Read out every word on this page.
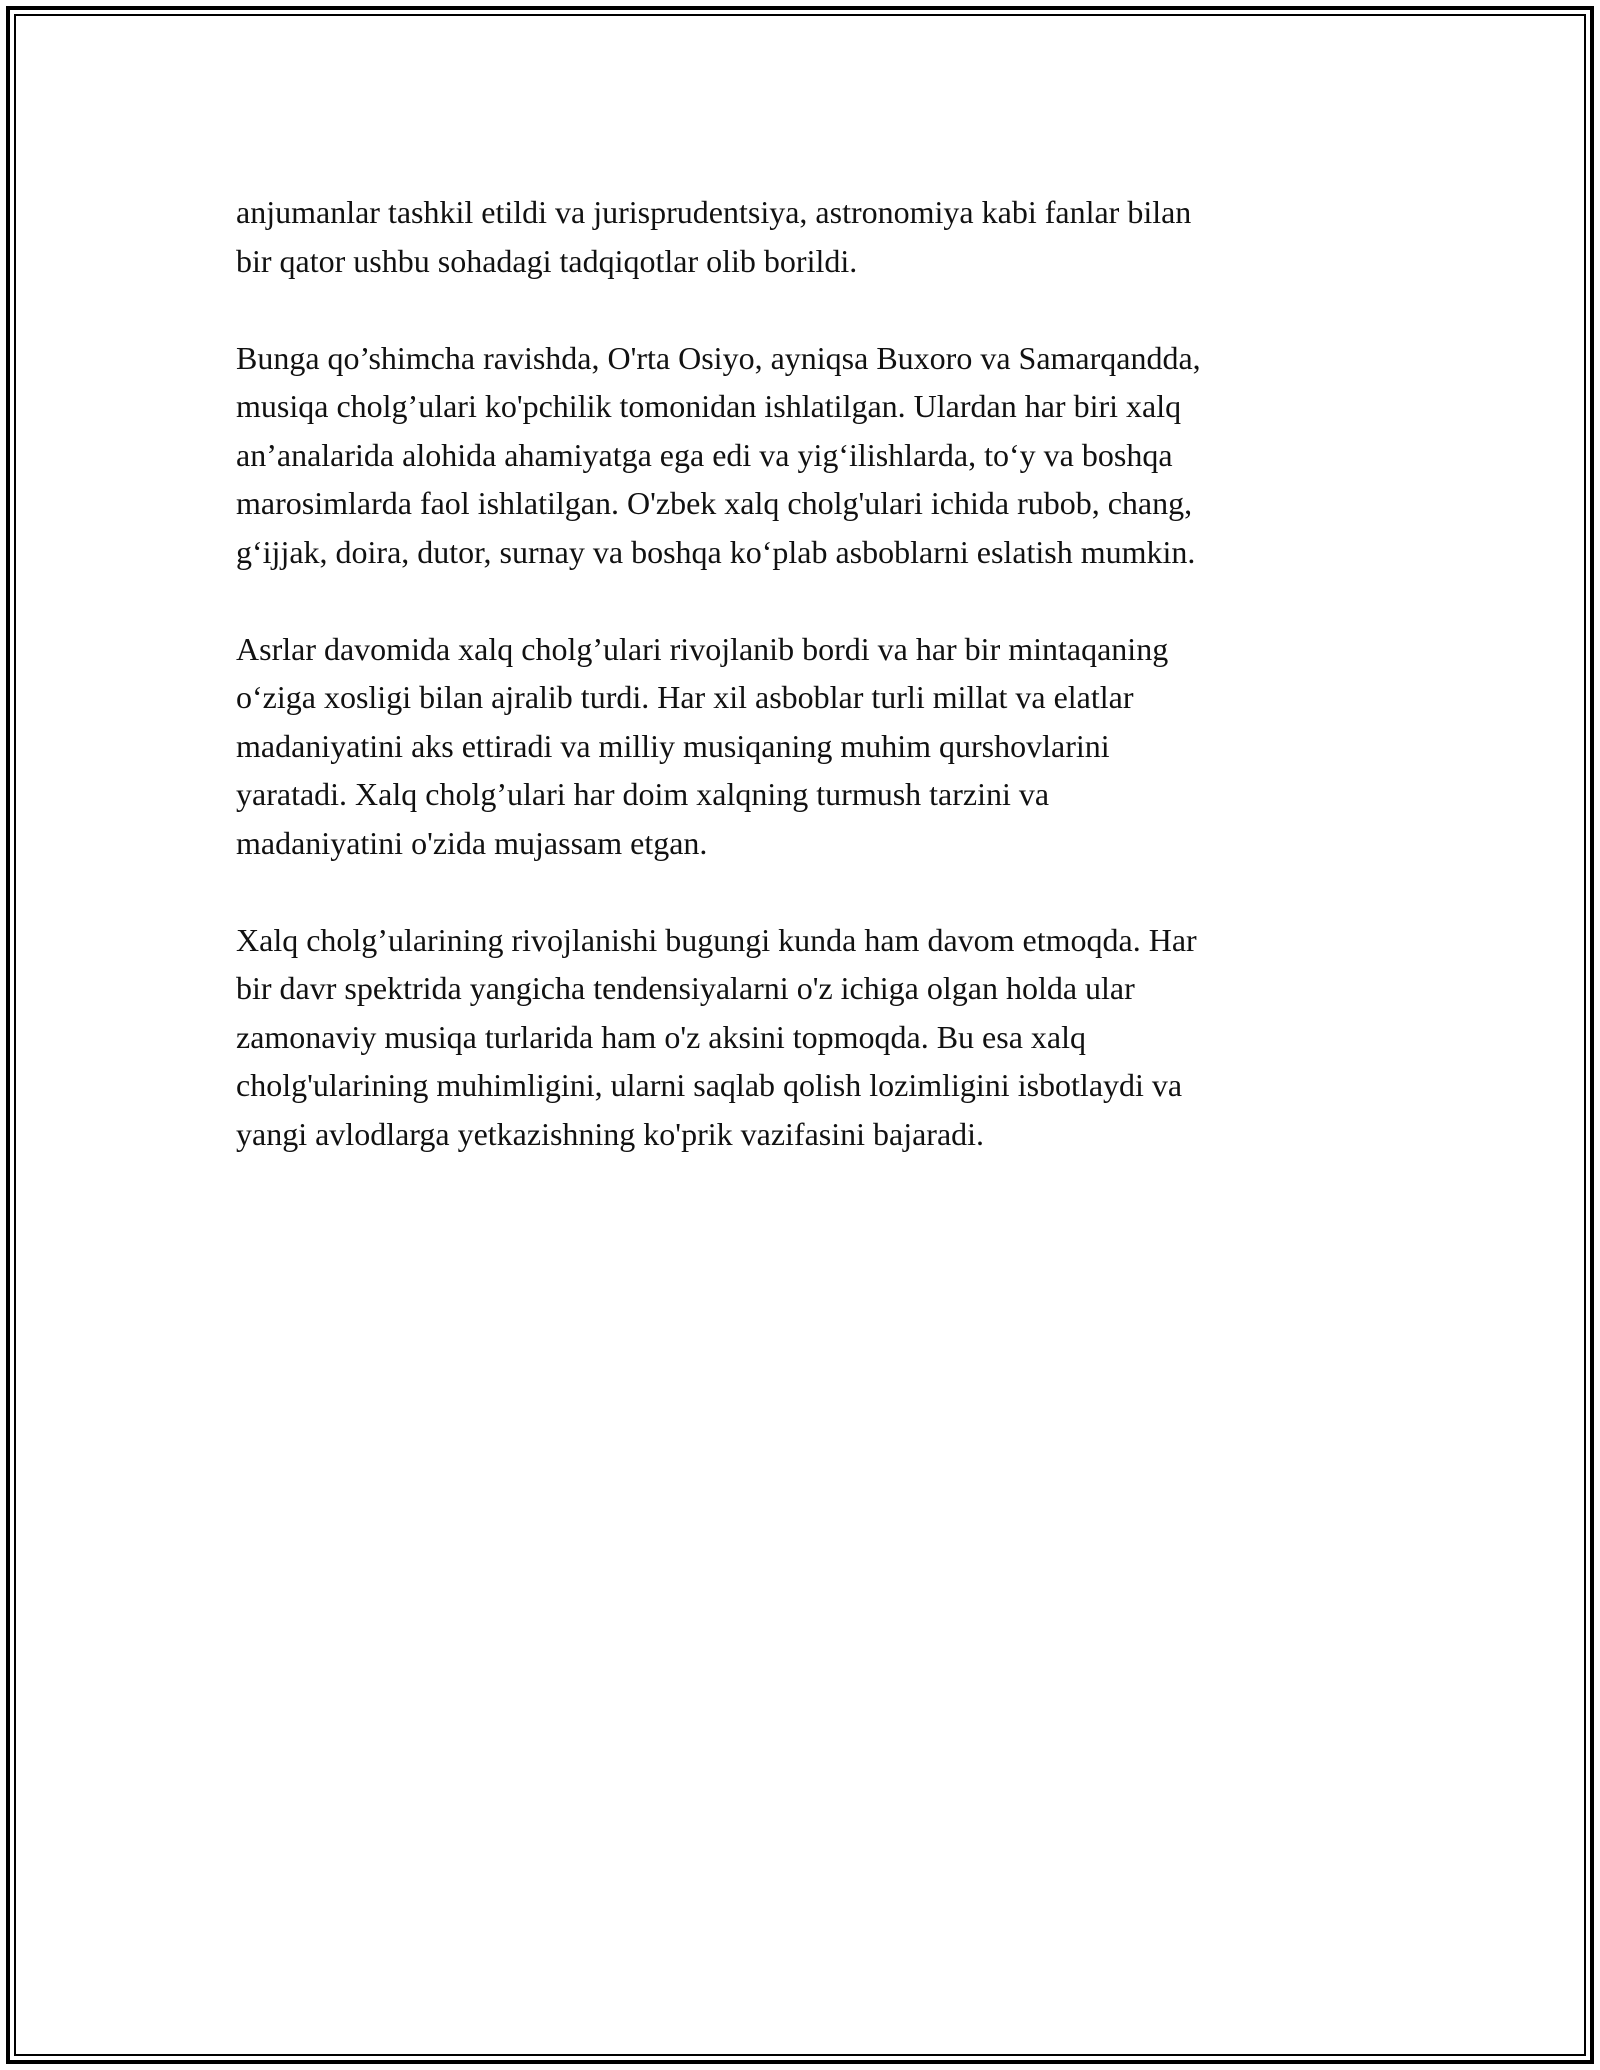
anjumanlar tashkil etildi va jurisprudentsiya, astronomiya kabi fanlar bilan
bir qator ushbu sohadagi tadqiqotlar olib borildi.

Bunga qo’shimcha ravishda, O'rta Osiyo, ayniqsa Buxoro va Samarqandda,
musiqa cholg’ulari ko'pchilik tomonidan ishlatilgan. Ulardan har biri xalq
an’analarida alohida ahamiyatga ega edi va yig‘ilishlarda, to‘y va boshqa
marosimlarda faol ishlatilgan. O'zbek xalq cholg'ulari ichida rubob, chang,
g‘ijjak, doira, dutor, surnay va boshqa ko‘plab asboblarni eslatish mumkin.

Asrlar davomida xalq cholg’ulari rivojlanib bordi va har bir mintaqaning
o‘ziga xosligi bilan ajralib turdi. Har xil asboblar turli millat va elatlar
madaniyatini aks ettiradi va milliy musiqaning muhim qurshovlarini
yaratadi. Xalq cholg’ulari har doim xalqning turmush tarzini va
madaniyatini o'zida mujassam etgan.

Xalq cholg’ularining rivojlanishi bugungi kunda ham davom etmoqda. Har
bir davr spektrida yangicha tendensiyalarni o'z ichiga olgan holda ular
zamonaviy musiqa turlarida ham o'z aksini topmoqda. Bu esa xalq
cholg'ularining muhimligini, ularni saqlab qolish lozimligini isbotlaydi va
yangi avlodlarga yetkazishning ko'prik vazifasini bajaradi.
